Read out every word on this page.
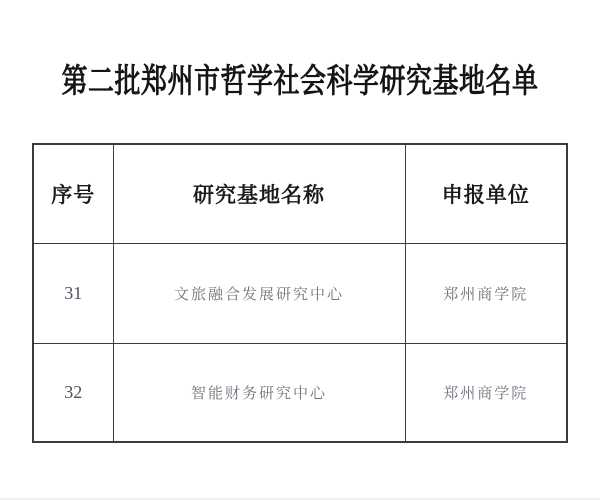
第二批郑州市哲学社会科学研究基地名单
序号	研究基地名称	申报单位
31	文旅融合发展研究中心	郑州商学院
32	智能财务研究中心	郑州商学院
